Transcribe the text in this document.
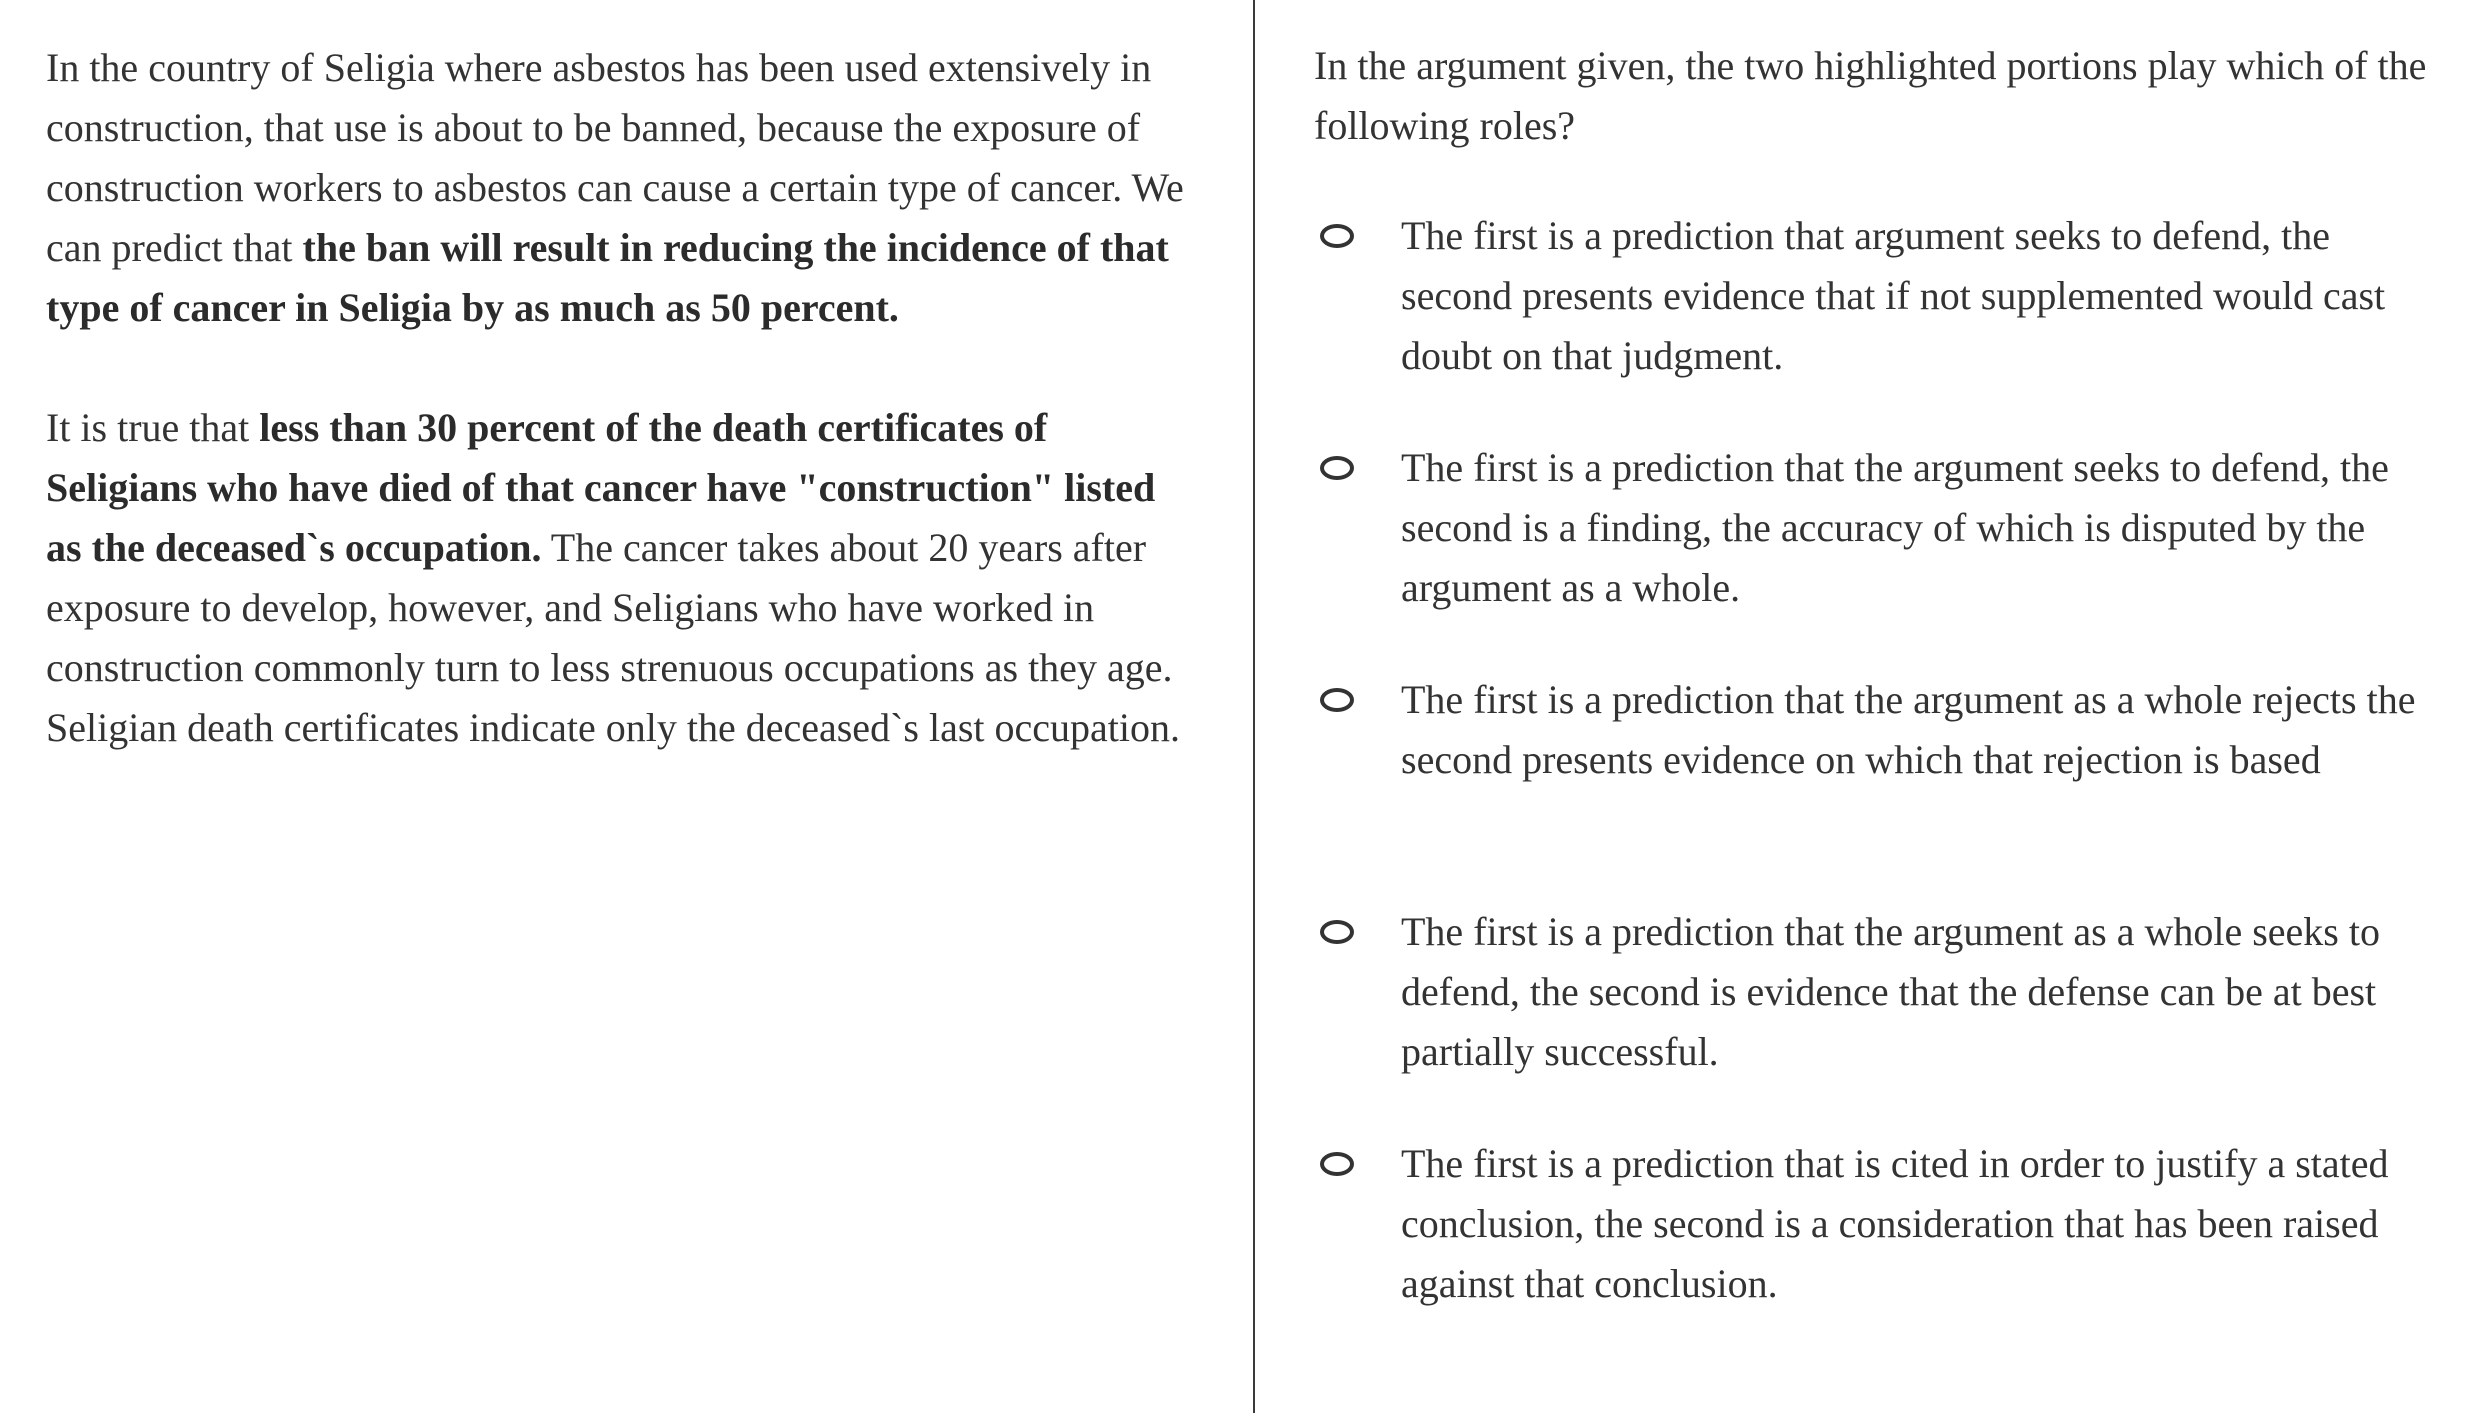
In the country of Seligia where asbestos has been used extensively in construction, that use is about to be banned, because the exposure of construction workers to asbestos can cause a certain type of cancer. We can predict that the ban will result in reducing the incidence of that type of cancer in Seligia by as much as 50 percent.

It is true that less than 30 percent of the death certificates of Seligians who have died of that cancer have "construction" listed as the deceased`s occupation. The cancer takes about 20 years after exposure to develop, however, and Seligians who have worked in construction commonly turn to less strenuous occupations as they age. Seligian death certificates indicate only the deceased`s last occupation.

In the argument given, the two highlighted portions play which of the following roles?

The first is a prediction that argument seeks to defend, the second presents evidence that if not supplemented would cast doubt on that judgment.
The first is a prediction that the argument seeks to defend, the second is a finding, the accuracy of which is disputed by the argument as a whole.
The first is a prediction that the argument as a whole rejects the second presents evidence on which that rejection is based
The first is a prediction that the argument as a whole seeks to defend, the second is evidence that the defense can be at best partially successful.
The first is a prediction that is cited in order to justify a stated conclusion, the second is a consideration that has been raised against that conclusion.
